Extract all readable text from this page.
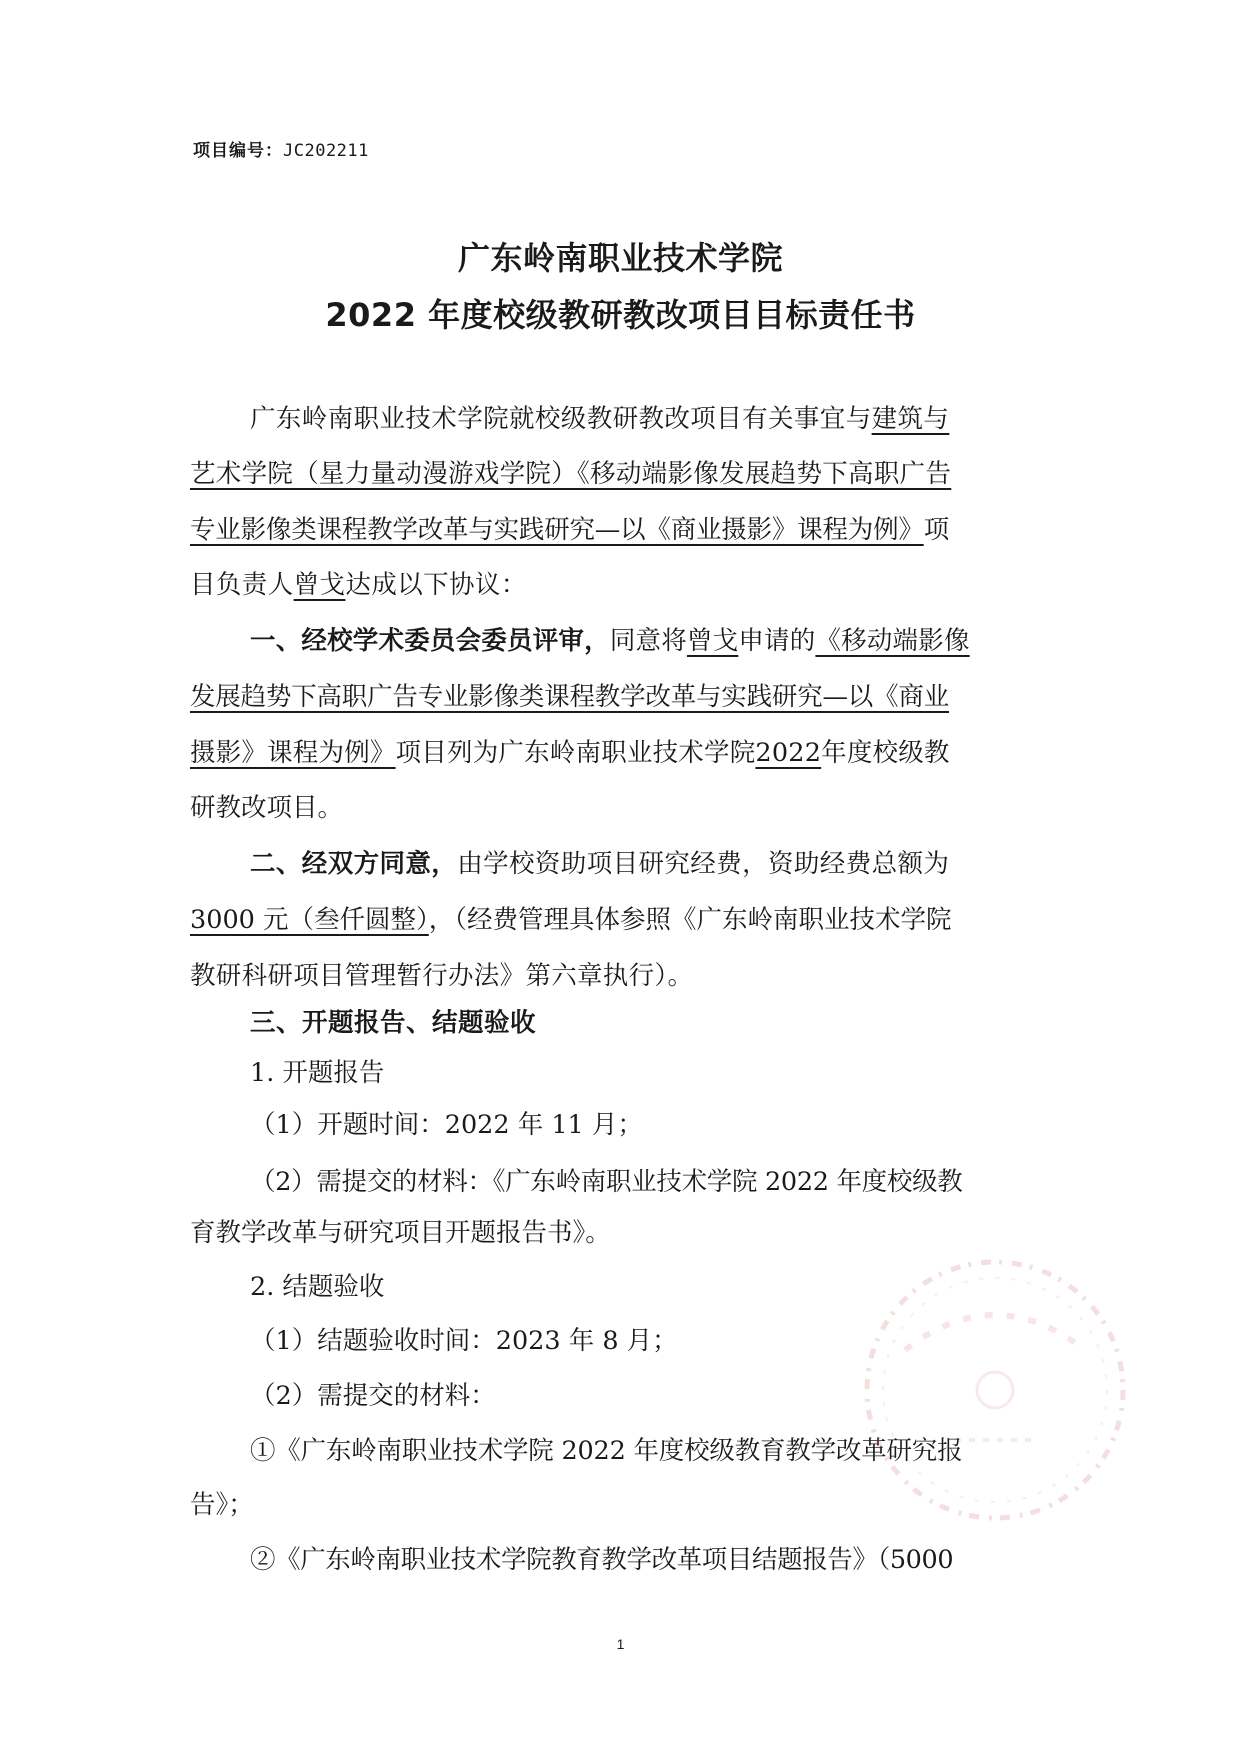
项目编号：JC202211
广东岭南职业技术学院
2022 年度校级教研教改项目目标责任书
广东岭南职业技术学院就校级教研教改项目有关事宜与建筑与
艺术学院（星力量动漫游戏学院）《移动端影像发展趋势下高职广告
专业影像类课程教学改革与实践研究—以《商业摄影》课程为例》项
目负责人曾戈达成以下协议：
一、经校学术委员会委员评审，同意将曾戈申请的《移动端影像
发展趋势下高职广告专业影像类课程教学改革与实践研究—以《商业
摄影》课程为例》项目列为广东岭南职业技术学院2022年度校级教
研教改项目。
二、经双方同意，由学校资助项目研究经费，资助经费总额为
3000 元（叁仟圆整），（经费管理具体参照《广东岭南职业技术学院
教研科研项目管理暂行办法》第六章执行）。
三、开题报告、结题验收
1. 开题报告
（1）开题时间：2022 年 11 月；
（2）需提交的材料：《广东岭南职业技术学院 2022 年度校级教
育教学改革与研究项目开题报告书》。
2. 结题验收
（1）结题验收时间：2023 年 8 月；
（2）需提交的材料：
①《广东岭南职业技术学院 2022 年度校级教育教学改革研究报
告》；
②《广东岭南职业技术学院教育教学改革项目结题报告》（5000
1
